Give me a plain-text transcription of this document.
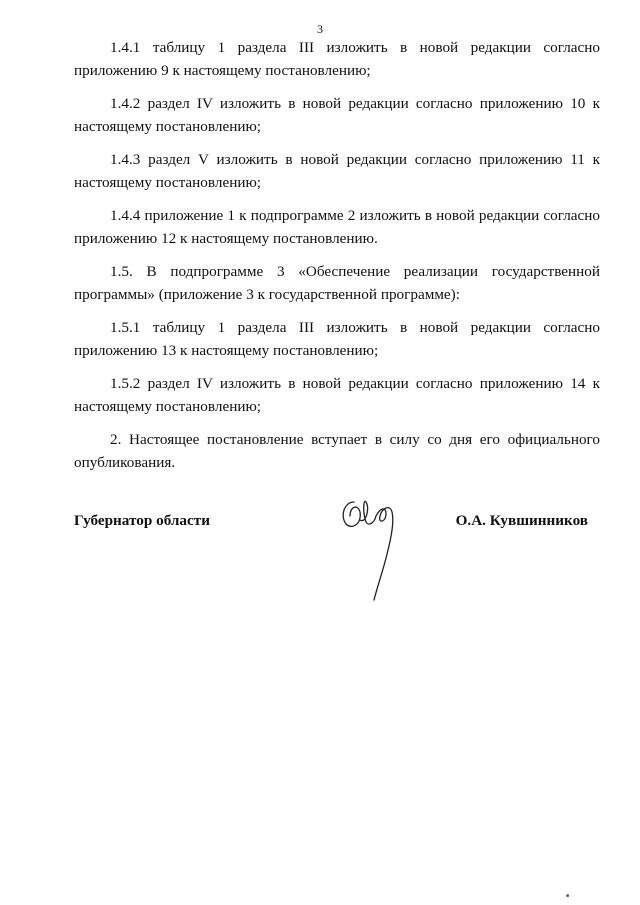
3

1.4.1 таблицу 1 раздела III изложить в новой редакции согласно приложению 9 к настоящему постановлению;

1.4.2 раздел IV изложить в новой редакции согласно приложению 10 к настоящему постановлению;

1.4.3 раздел V изложить в новой редакции согласно приложению 11 к настоящему постановлению;

1.4.4 приложение 1 к подпрограмме 2 изложить в новой редакции согласно приложению 12 к настоящему постановлению.

1.5. В подпрограмме 3 «Обеспечение реализации государственной программы» (приложение 3 к государственной программе):

1.5.1 таблицу 1 раздела III изложить в новой редакции согласно приложению 13 к настоящему постановлению;

1.5.2 раздел IV изложить в новой редакции согласно приложению 14 к настоящему постановлению;

2. Настоящее постановление вступает в силу со дня его официального опубликования.

Губернатор области	О.А. Кувшинников
■
